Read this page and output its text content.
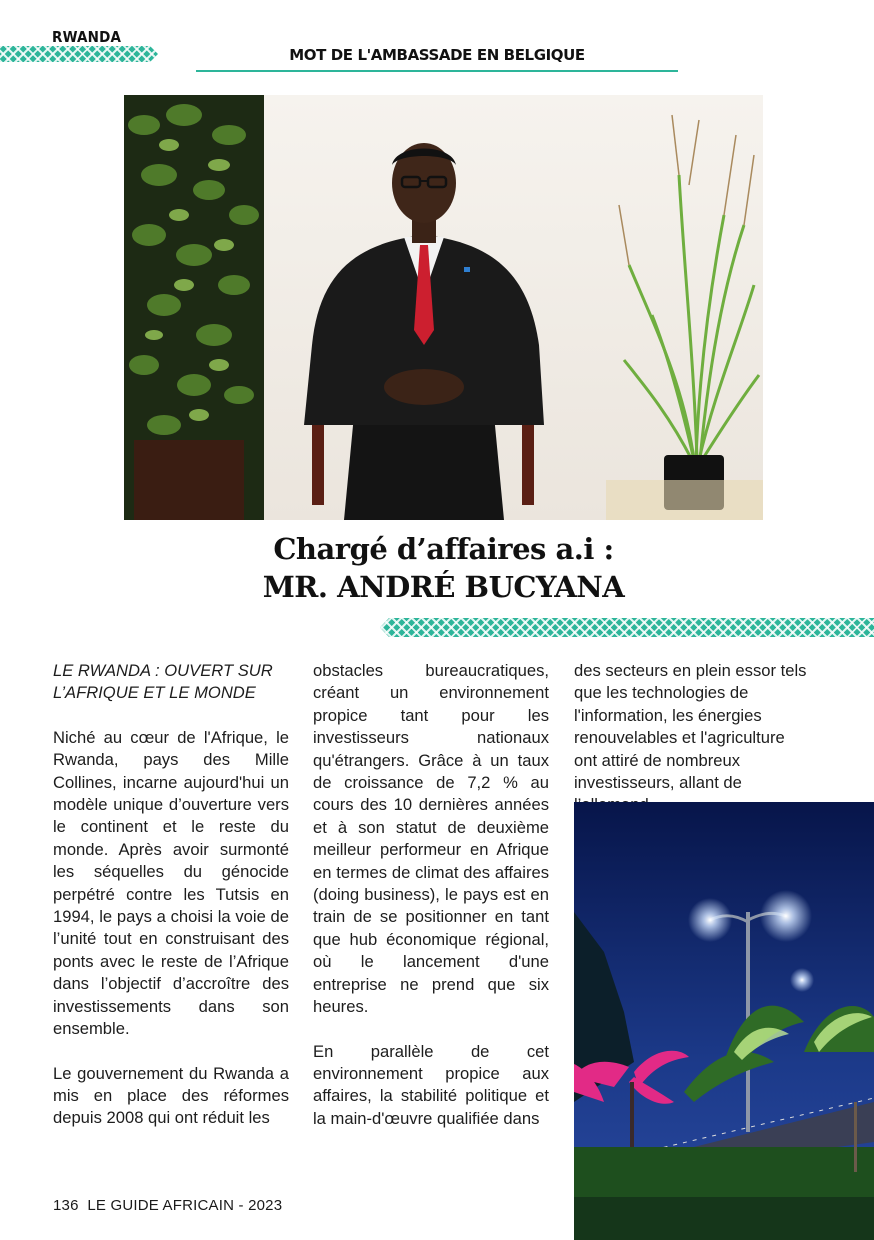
RWANDA
MOT DE L'AMBASSADE EN BELGIQUE
Chargé d’affaires a.i :
MR. ANDRÉ BUCYANA

LE RWANDA : OUVERT SUR
L’AFRIQUE ET LE MONDE

Niché au cœur de l'Afrique, le Rwanda, pays des Mille Collines, incarne aujourd'hui un modèle unique d’ouverture vers le continent et le reste du monde. Après avoir surmonté les séquelles du génocide perpétré contre les Tutsis en 1994, le pays a choisi la voie de l’unité tout en construisant des ponts avec le reste de l’Afrique dans l’objectif d’accroître des investissements dans son ensemble.

Le gouvernement du Rwanda a mis en place des réformes depuis 2008 qui ont réduit les

obstacles bureaucratiques, créant un environnement propice tant pour les investisseurs nationaux qu'étrangers. Grâce à un taux de croissance de 7,2 % au cours des 10 dernières années et à son statut de deuxième meilleur performeur en Afrique en termes de climat des affaires (doing business), le pays est en train de se positionner en tant que hub économique régional, où le lancement d'une entreprise ne prend que six heures.

En parallèle de cet environnement propice aux affaires, la stabilité politique et la main-d'œuvre qualifiée dans

des secteurs en plein essor tels que les technologies de l'information, les énergies renouvelables et l'agriculture ont attiré de nombreux investisseurs, allant de

136 LE GUIDE AFRICAIN - 2023
